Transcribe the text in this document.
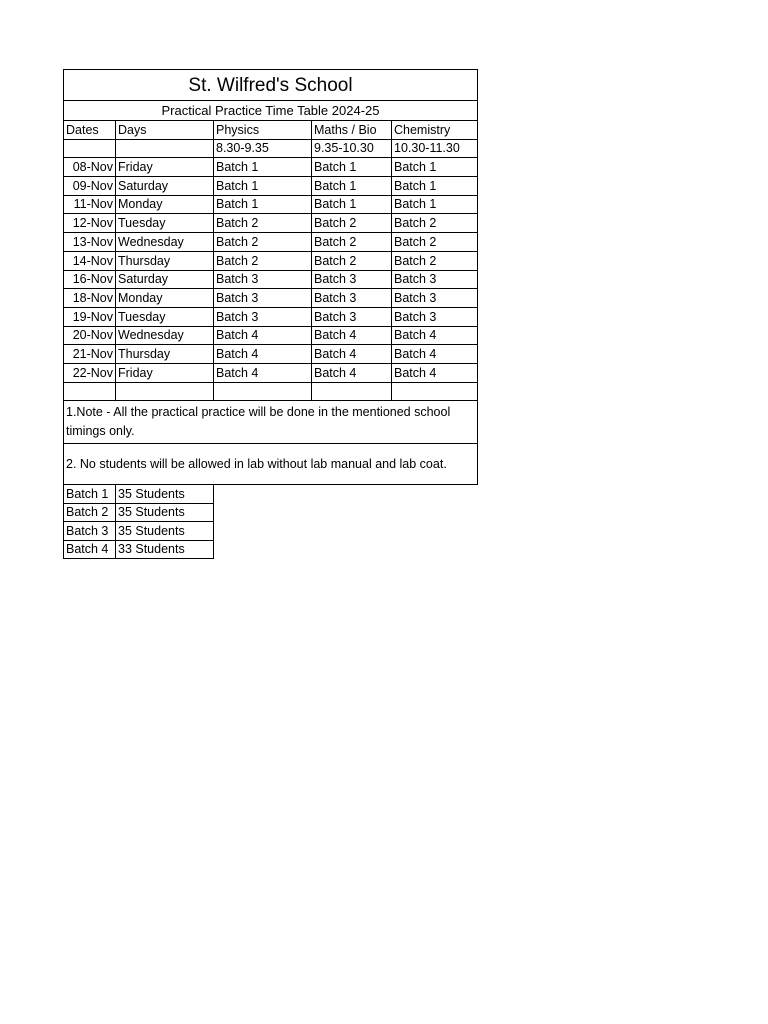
St. Wilfred's School				
Practical Practice Time Table 2024-25				
Dates	Days	Physics	Maths / Bio	Chemistry
		8.30-9.35	9.35-10.30	10.30-11.30
08-Nov	Friday	Batch 1	Batch 1	Batch 1
09-Nov	Saturday	Batch 1	Batch 1	Batch 1
11-Nov	Monday	Batch 1	Batch 1	Batch 1
12-Nov	Tuesday	Batch 2	Batch 2	Batch 2
13-Nov	Wednesday	Batch 2	Batch 2	Batch 2
14-Nov	Thursday	Batch 2	Batch 2	Batch 2
16-Nov	Saturday	Batch 3	Batch 3	Batch 3
18-Nov	Monday	Batch 3	Batch 3	Batch 3
19-Nov	Tuesday	Batch 3	Batch 3	Batch 3
20-Nov	Wednesday	Batch 4	Batch 4	Batch 4
21-Nov	Thursday	Batch 4	Batch 4	Batch 4
22-Nov	Friday	Batch 4	Batch 4	Batch 4

1.Note - All the practical practice will be done in the mentioned school timings only.				
2. No students will be allowed in lab without lab manual and lab coat.				
Batch 1	35 Students
Batch 2	35 Students
Batch 3	35 Students
Batch 4	33 Students
